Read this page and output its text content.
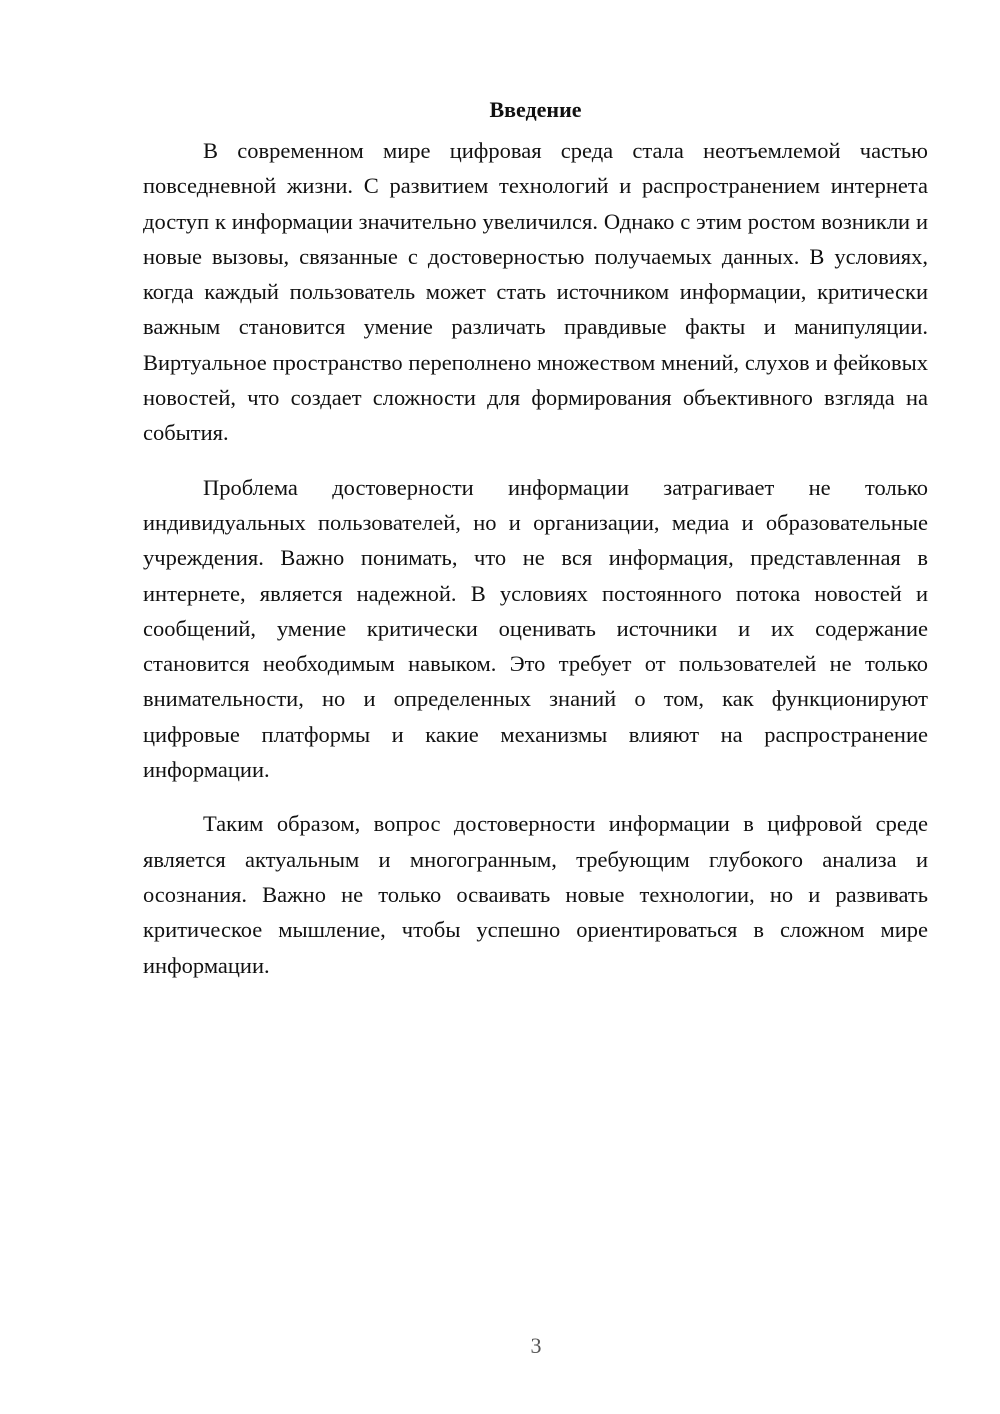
Введение

В современном мире цифровая среда стала неотъемлемой частью повседневной жизни. С развитием технологий и распространением интернета доступ к информации значительно увеличился. Однако с этим ростом возникли и новые вызовы, связанные с достоверностью получаемых данных. В условиях, когда каждый пользователь может стать источником информации, критически важным становится умение различать правдивые факты и манипуляции. Виртуальное пространство переполнено множеством мнений, слухов и фейковых новостей, что создает сложности для формирования объективного взгляда на события.

Проблема достоверности информации затрагивает не только индивидуальных пользователей, но и организации, медиа и образовательные учреждения. Важно понимать, что не вся информация, представленная в интернете, является надежной. В условиях постоянного потока новостей и сообщений, умение критически оценивать источники и их содержание становится необходимым навыком. Это требует от пользователей не только внимательности, но и определенных знаний о том, как функционируют цифровые платформы и какие механизмы влияют на распространение информации.

Таким образом, вопрос достоверности информации в цифровой среде является актуальным и многогранным, требующим глубокого анализа и осознания. Важно не только осваивать новые технологии, но и развивать критическое мышление, чтобы успешно ориентироваться в сложном мире информации.

3
